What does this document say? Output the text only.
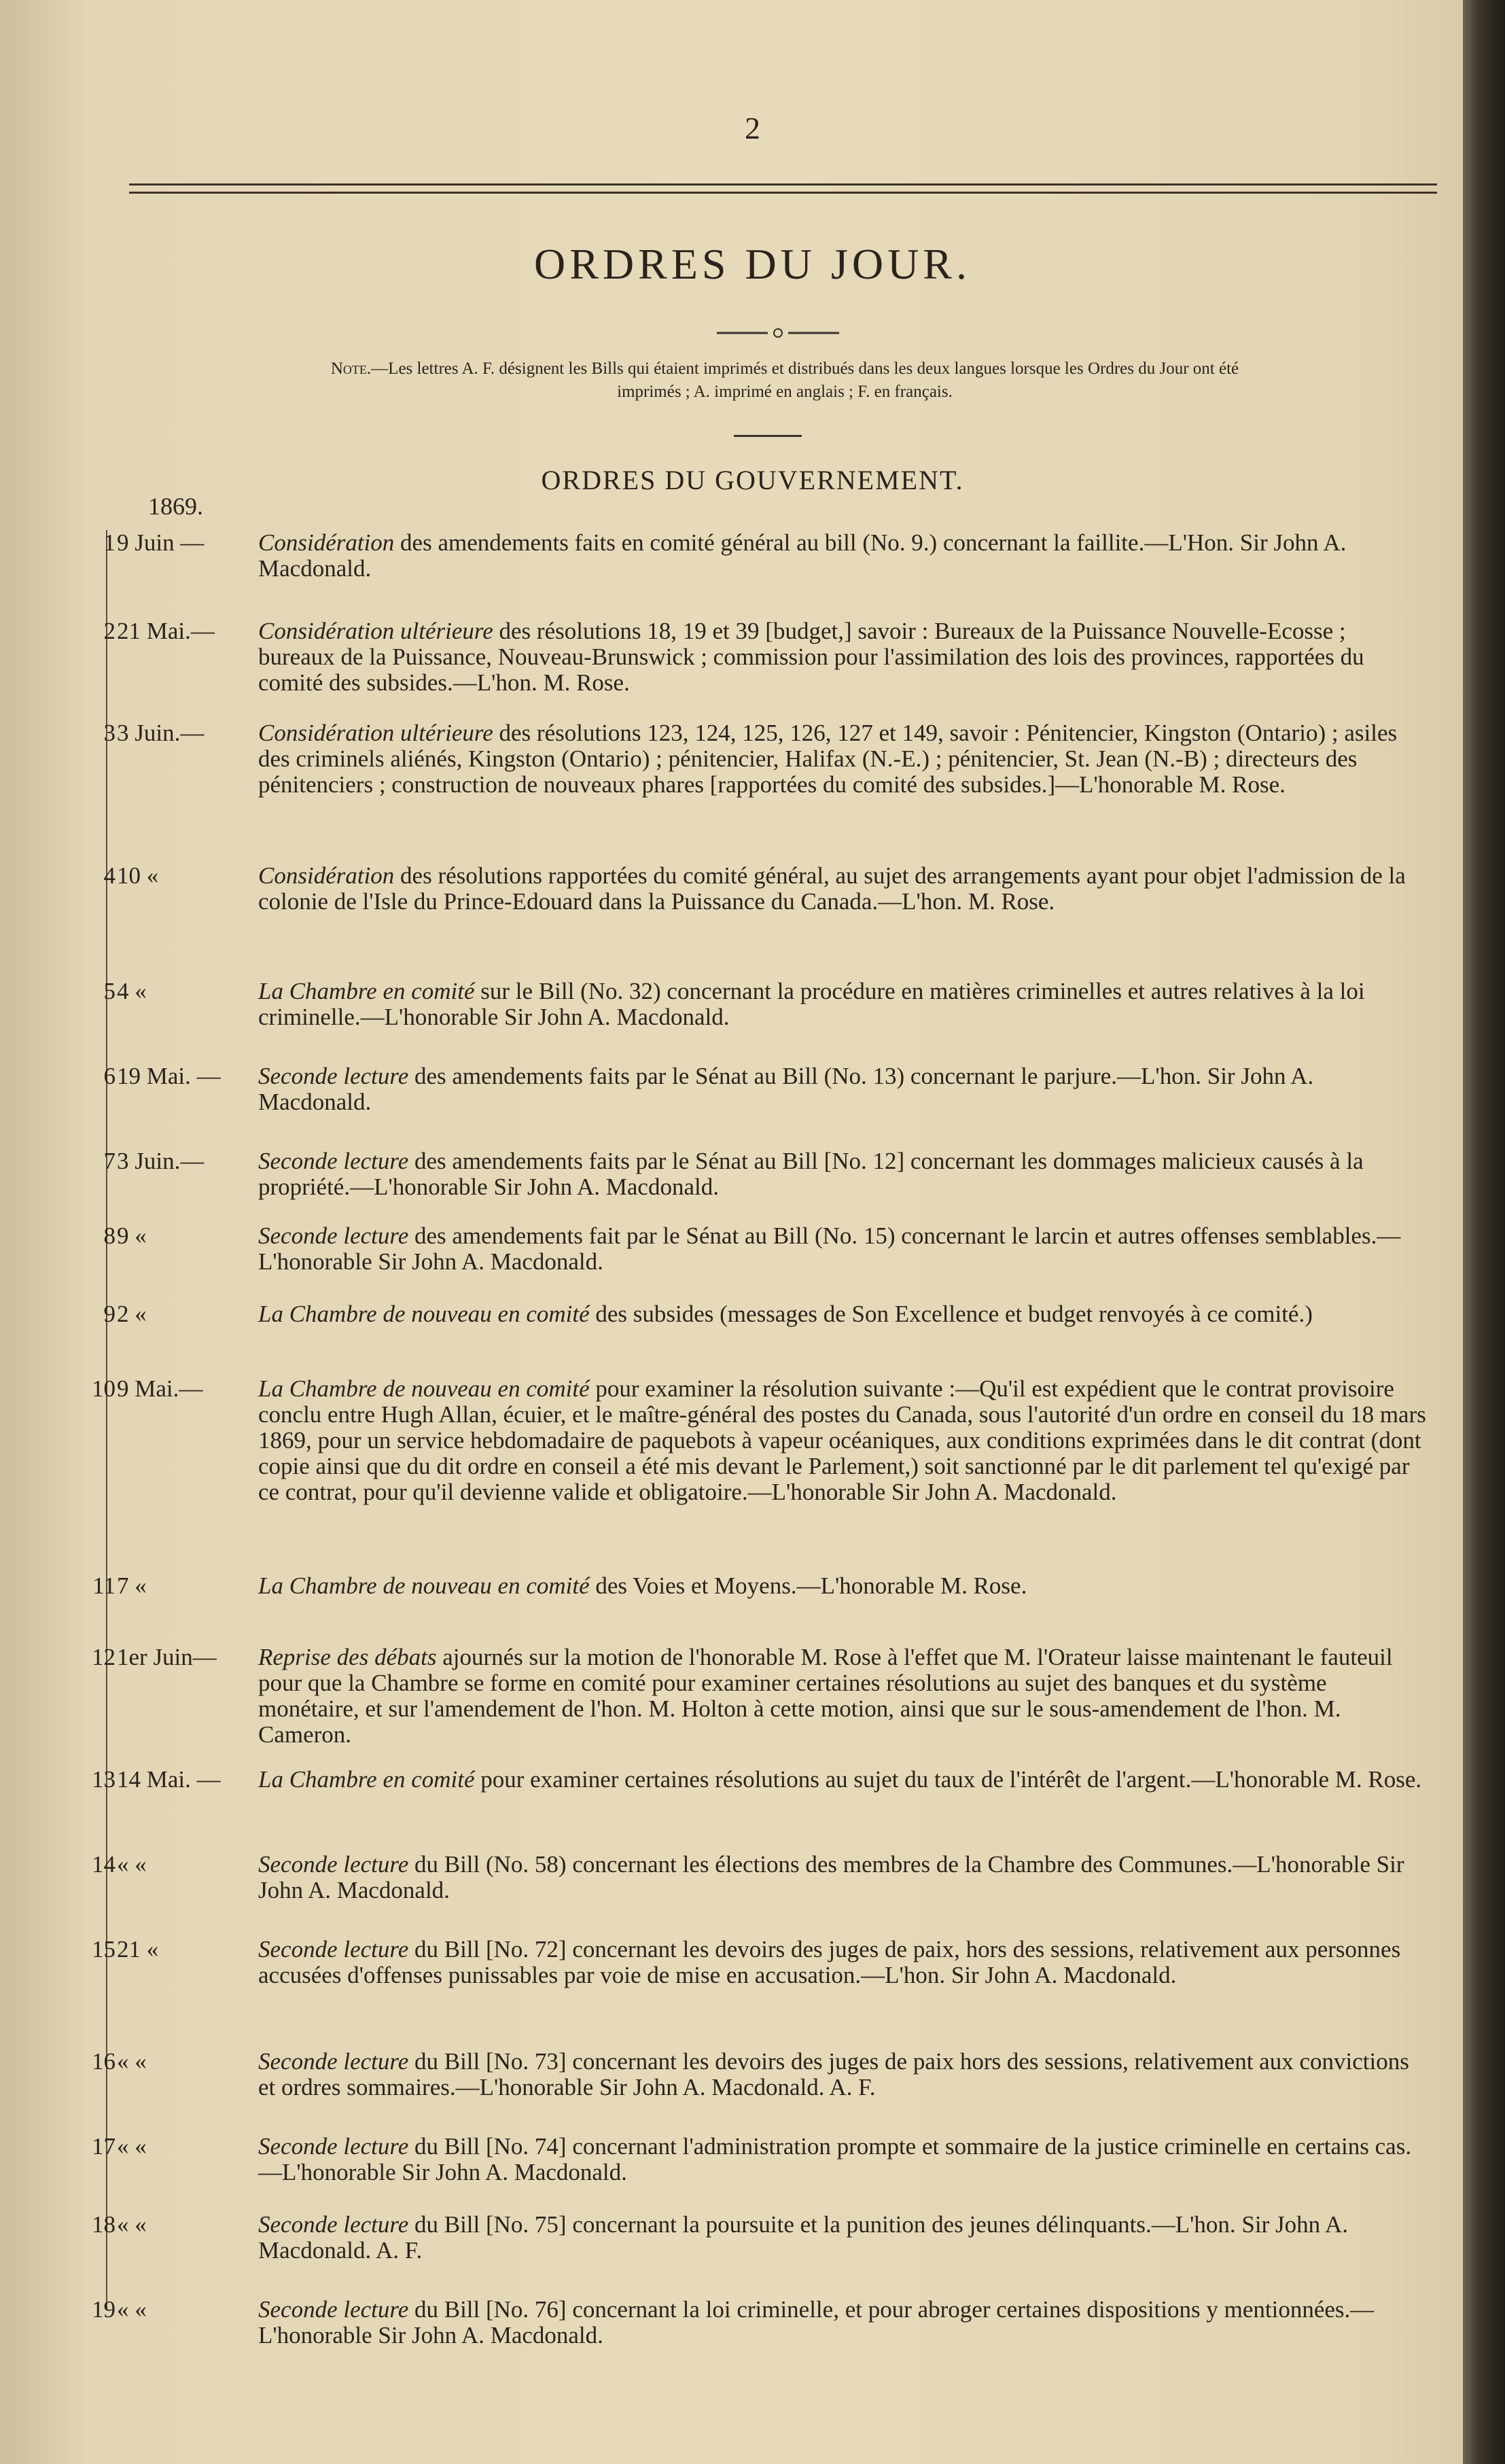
2
ORDRES DU JOUR.
Note.—Les lettres A. F. désignent les Bills qui étaient imprimés et distribués dans les deux langues lorsque les Ordres du Jour ont été
imprimés ; A. imprimé en anglais ; F. en français.
ORDRES DU GOUVERNEMENT.
1869.
1 9 Juin —	Considération des amendements faits en comité général au bill (No. 9.) concernant la faillite.—L'Hon. Sir John A. Macdonald.
2 21 Mai.—	Considération ultérieure des résolutions 18, 19 et 39 [budget,] savoir : Bureaux de la Puissance Nouvelle-Ecosse ; bureaux de la Puissance, Nouveau-Brunswick ; commission pour l'assimilation des lois des provinces, rapportées du comité des subsides.—L'hon. M. Rose.
3 3 Juin.—	Considération ultérieure des résolutions 123, 124, 125, 126, 127 et 149, savoir : Pénitencier, Kingston (Ontario) ; asiles des criminels aliénés, Kingston (Ontario) ; pénitencier, Halifax (N.-E.) ; pénitencier, St. Jean (N.-B) ; directeurs des pénitenciers ; construction de nouveaux phares [rapportées du comité des subsides.]—L'honorable M. Rose.
4 10 «	Considération des résolutions rapportées du comité général, au sujet des arrangements ayant pour objet l'admission de la colonie de l'Isle du Prince-Edouard dans la Puissance du Canada.—L'hon. M. Rose.
5 4 «	La Chambre en comité sur le Bill (No. 32) concernant la procédure en matières criminelles et autres relatives à la loi criminelle.—L'honorable Sir John A. Macdonald.
6 19 Mai. —	Seconde lecture des amendements faits par le Sénat au Bill (No. 13) concernant le parjure.—L'hon. Sir John A. Macdonald.
7 3 Juin.—	Seconde lecture des amendements faits par le Sénat au Bill [No. 12] concernant les dommages malicieux causés à la propriété.—L'honorable Sir John A. Macdonald.
8 9 «	Seconde lecture des amendements fait par le Sénat au Bill (No. 15) concernant le larcin et autres offenses semblables.—L'honorable Sir John A. Macdonald.
9 2 «	La Chambre de nouveau en comité des subsides (messages de Son Excellence et budget renvoyés à ce comité.)
10 9 Mai.—	La Chambre de nouveau en comité pour examiner la résolution suivante :—Qu'il est expédient que le contrat provisoire conclu entre Hugh Allan, écuier, et le maître-général des postes du Canada, sous l'autorité d'un ordre en conseil du 18 mars 1869, pour un service hebdomadaire de paquebots à vapeur océaniques, aux conditions exprimées dans le dit contrat (dont copie ainsi que du dit ordre en conseil a été mis devant le Parlement,) soit sanctionné par le dit parlement tel qu'exigé par ce contrat, pour qu'il devienne valide et obligatoire.—L'honorable Sir John A. Macdonald.
11 7 «	La Chambre de nouveau en comité des Voies et Moyens.—L'honorable M. Rose.
12 1er Juin—	Reprise des débats ajournés sur la motion de l'honorable M. Rose à l'effet que M. l'Orateur laisse maintenant le fauteuil pour que la Chambre se forme en comité pour examiner certaines résolutions au sujet des banques et du système monétaire, et sur l'amendement de l'hon. M. Holton à cette motion, ainsi que sur le sous-amendement de l'hon. M. Cameron.
13 14 Mai. —	La Chambre en comité pour examiner certaines résolutions au sujet du taux de l'intérêt de l'argent.—L'honorable M. Rose.
14 « «	Seconde lecture du Bill (No. 58) concernant les élections des membres de la Chambre des Communes.—L'honorable Sir John A. Macdonald.
15 21 «	Seconde lecture du Bill [No. 72] concernant les devoirs des juges de paix, hors des sessions, relativement aux personnes accusées d'offenses punissables par voie de mise en accusation.—L'hon. Sir John A. Macdonald.
16 « «	Seconde lecture du Bill [No. 73] concernant les devoirs des juges de paix hors des sessions, relativement aux convictions et ordres sommaires.—L'honorable Sir John A. Macdonald. A. F.
17 « «	Seconde lecture du Bill [No. 74] concernant l'administration prompte et sommaire de la justice criminelle en certains cas.—L'honorable Sir John A. Macdonald.
18 « «	Seconde lecture du Bill [No. 75] concernant la poursuite et la punition des jeunes délinquants.—L'hon. Sir John A. Macdonald. A. F.
19 « «	Seconde lecture du Bill [No. 76] concernant la loi criminelle, et pour abroger certaines dispositions y mentionnées.—L'honorable Sir John A. Macdonald.
